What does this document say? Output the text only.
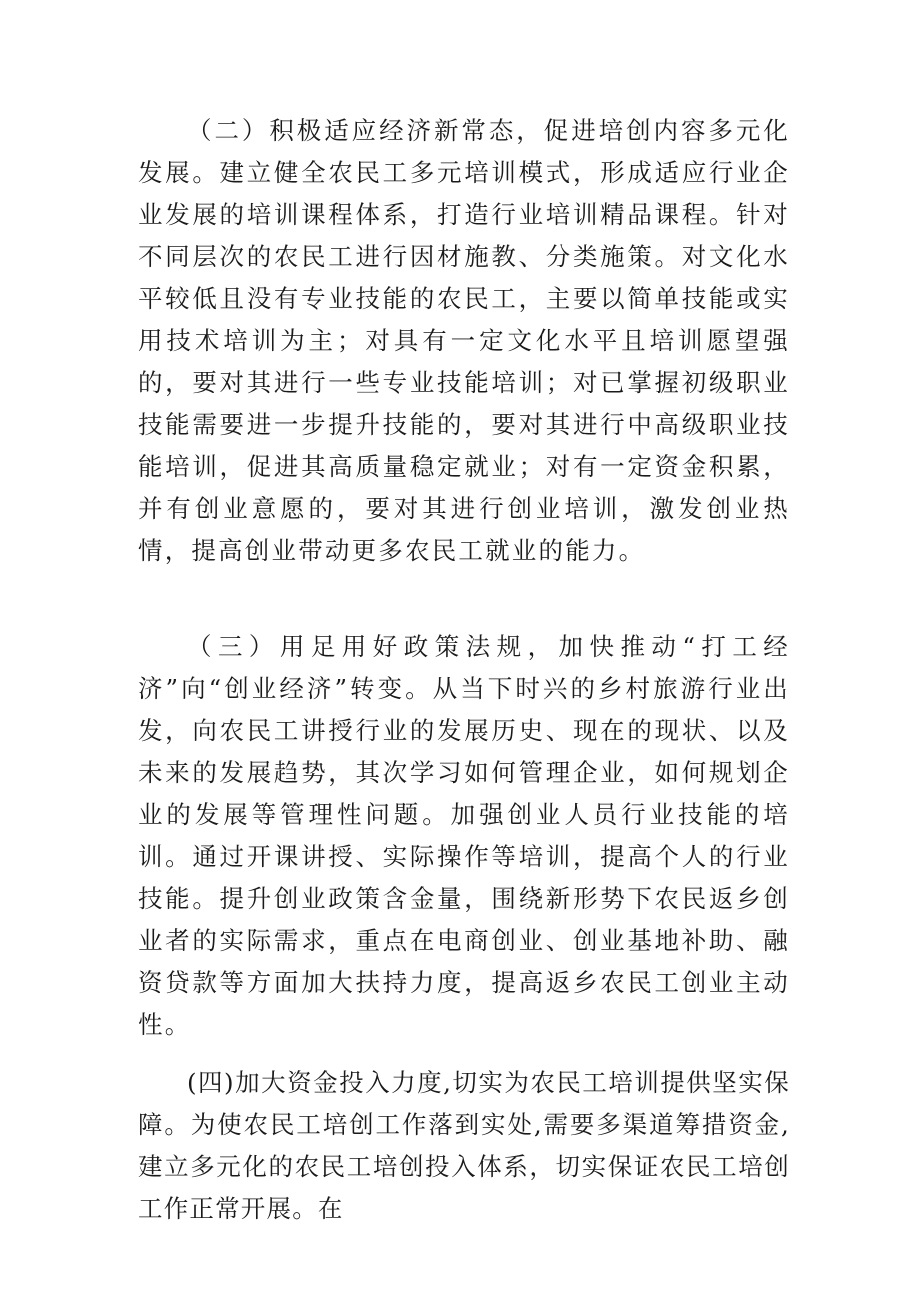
（二）积极适应经济新常态，促进培创内容多元化发展。建立健全农民工多元培训模式，形成适应行业企业发展的培训课程体系，打造行业培训精品课程。针对不同层次的农民工进行因材施教、分类施策。对文化水平较低且没有专业技能的农民工，主要以简单技能或实用技术培训为主；对具有一定文化水平且培训愿望强的，要对其进行一些专业技能培训；对已掌握初级职业技能需要进一步提升技能的，要对其进行中高级职业技能培训，促进其高质量稳定就业；对有一定资金积累，并有创业意愿的，要对其进行创业培训，激发创业热情，提高创业带动更多农民工就业的能力。

（三）用足用好政策法规，加快推动“打工经济”向“创业经济”转变。从当下时兴的乡村旅游行业出发，向农民工讲授行业的发展历史、现在的现状、以及未来的发展趋势，其次学习如何管理企业，如何规划企业的发展等管理性问题。加强创业人员行业技能的培训。通过开课讲授、实际操作等培训，提高个人的行业技能。提升创业政策含金量，围绕新形势下农民返乡创业者的实际需求，重点在电商创业、创业基地补助、融资贷款等方面加大扶持力度，提高返乡农民工创业主动性。

(四)加大资金投入力度,切实为农民工培训提供坚实保障。为使农民工培创工作落到实处,需要多渠道筹措资金,建立多元化的农民工培创投入体系，切实保证农民工培创工作正常开展。在
